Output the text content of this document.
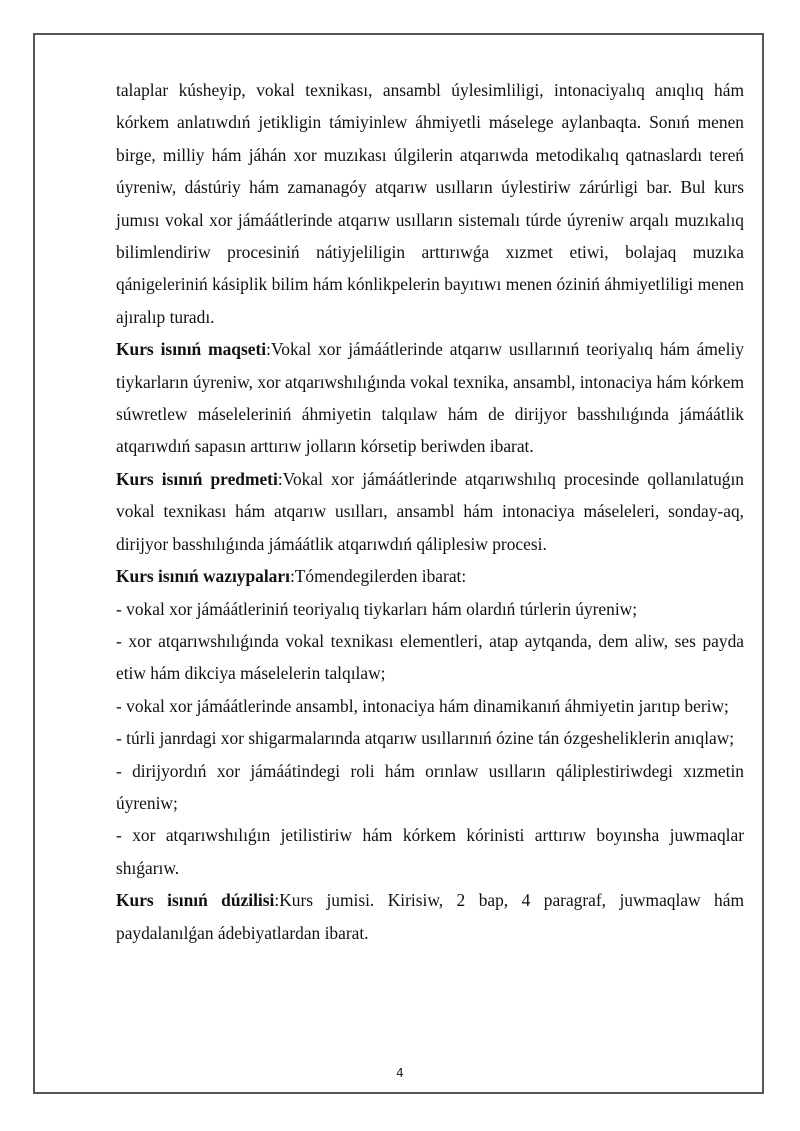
talaplar kúsheyip, vokal texnikası, ansambl úylesimliligi, intonaciyalıq anıqlıq hám kórkem anlatıwdıń jetikligin támiyinlew áhmiyetli máselege aylanbaqta. Sonıń menen birge, milliy hám jáhán xor muzıkası úlgilerin atqarıwda metodikalıq qatnaslardı tereń úyreniw, dástúriy hám zamanagóy atqarıw usılların úylestiriw zárúrligi bar. Bul kurs jumısı vokal xor jámáátlerinde atqarıw usılların sistemalı túrde úyreniw arqalı muzıkalıq bilimlendiriw procesiniń nátiyjeliligin arttırıwǵa xızmet etiwi, bolajaq muzıka qánigeleriniń kásiplik bilim hám kónlikpelerin bayıtıwı menen óziniń áhmiyetliligi menen ajıralıp turadı.

Kurs isınıń maqseti:Vokal xor jámáátlerinde atqarıw usıllarınıń teoriyalıq hám ámeliy tiykarların úyreniw, xor atqarıwshılıǵında vokal texnika, ansambl, intonaciya hám kórkem súwretlew máseleleriniń áhmiyetin talqılaw hám de dirijyor basshılıǵında jámáátlik atqarıwdıń sapasın arttırıw jolların kórsetip beriwden ibarat.

Kurs isınıń predmeti:Vokal xor jámáátlerinde atqarıwshılıq procesinde qollanılatuǵın vokal texnikası hám atqarıw usılları, ansambl hám intonaciya máseleleri, sonday-aq, dirijyor basshılıǵında jámáátlik atqarıwdıń qáliplesiw procesi.

Kurs isınıń wazıypaları:Tómendegilerden ibarat:

- vokal xor jámáátleriniń teoriyalıq tiykarları hám olardıń túrlerin úyreniw;

- xor atqarıwshılıǵında vokal texnikası elementleri, atap aytqanda, dem aliw, ses payda etiw hám dikciya máselelerin talqılaw;

- vokal xor jámáátlerinde ansambl, intonaciya hám dinamikanıń áhmiyetin jarıtıp beriw;

- túrli janrdagi xor shigarmalarında atqarıw usıllarınıń ózine tán ózgesheliklerin anıqlaw;

- dirijyordıń xor jámáátindegi roli hám orınlaw usılların qáliplestiriwdegi xızmetin úyreniw;

- xor atqarıwshılıǵın jetilistiriw hám kórkem kórinisti arttırıw boyınsha juwmaqlar shıǵarıw.

Kurs isınıń dúzilisi:Kurs jumisi. Kirisiw, 2 bap, 4 paragraf, juwmaqlaw hám paydalanılǵan ádebiyatlardan ibarat.

4
